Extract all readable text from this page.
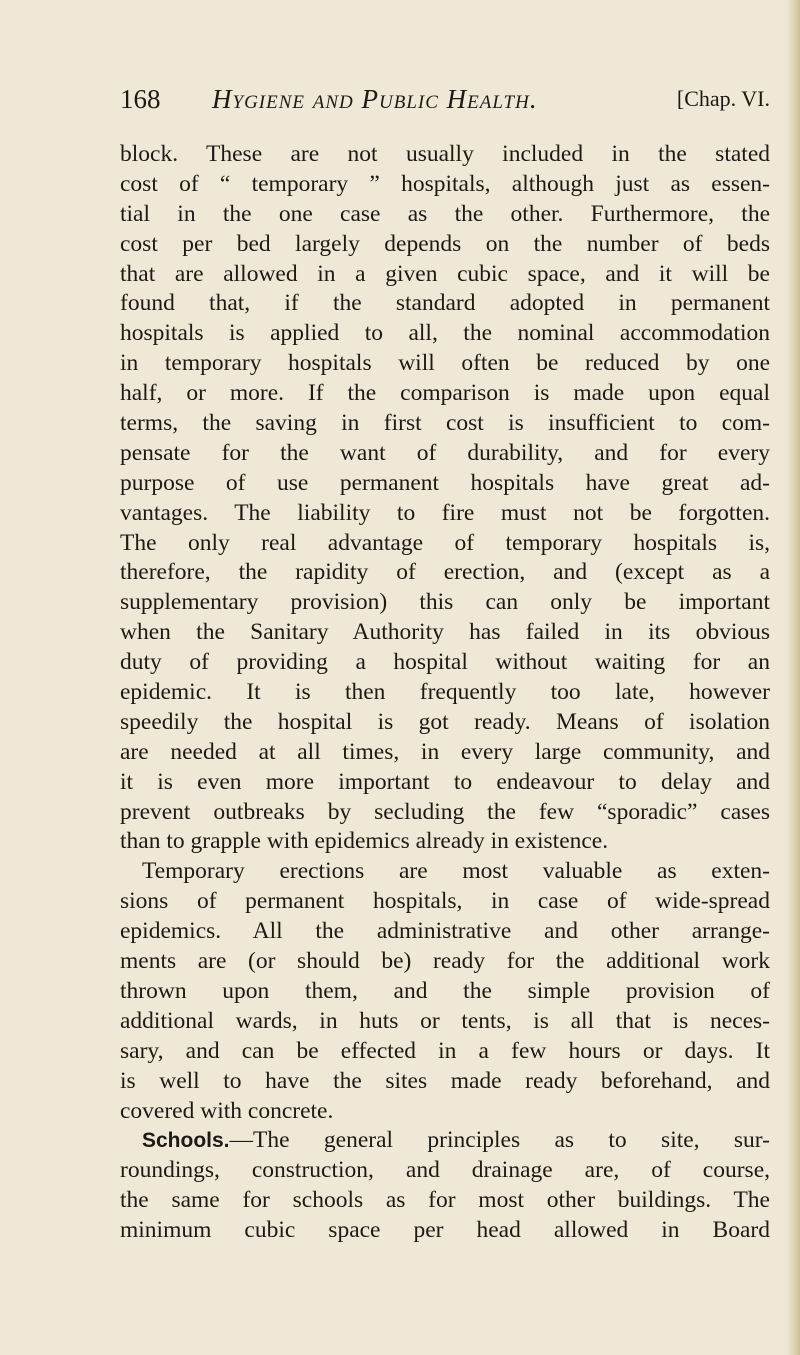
168 Hygiene and Public Health.	[Chap. VI.
block. These are not usually included in the stated
cost of “ temporary ” hospitals, although just as essen-
tial in the one case as the other. Furthermore, the
cost per bed largely depends on the number of beds
that are allowed in a given cubic space, and it will be
found that, if the standard adopted in permanent
hospitals is applied to all, the nominal accommodation
in temporary hospitals will often be reduced by one
half, or more. If the comparison is made upon equal
terms, the saving in first cost is insufficient to com-
pensate for the want of durability, and for every
purpose of use permanent hospitals have great ad-
vantages. The liability to fire must not be forgotten.
The only real advantage of temporary hospitals is,
therefore, the rapidity of erection, and (except as a
supplementary provision) this can only be important
when the Sanitary Authority has failed in its obvious
duty of providing a hospital without waiting for an
epidemic. It is then frequently too late, however
speedily the hospital is got ready. Means of isolation
are needed at all times, in every large community, and
it is even more important to endeavour to delay and
prevent outbreaks by secluding the few “sporadic” cases
than to grapple with epidemics already in existence.
Temporary erections are most valuable as exten-
sions of permanent hospitals, in case of wide-spread
epidemics. All the administrative and other arrange-
ments are (or should be) ready for the additional work
thrown upon them, and the simple provision of
additional wards, in huts or tents, is all that is neces-
sary, and can be effected in a few hours or days. It
is well to have the sites made ready beforehand, and
covered with concrete.
Schools.—The general principles as to site, sur-
roundings, construction, and drainage are, of course,
the same for schools as for most other buildings. The
minimum cubic space per head allowed in Board
